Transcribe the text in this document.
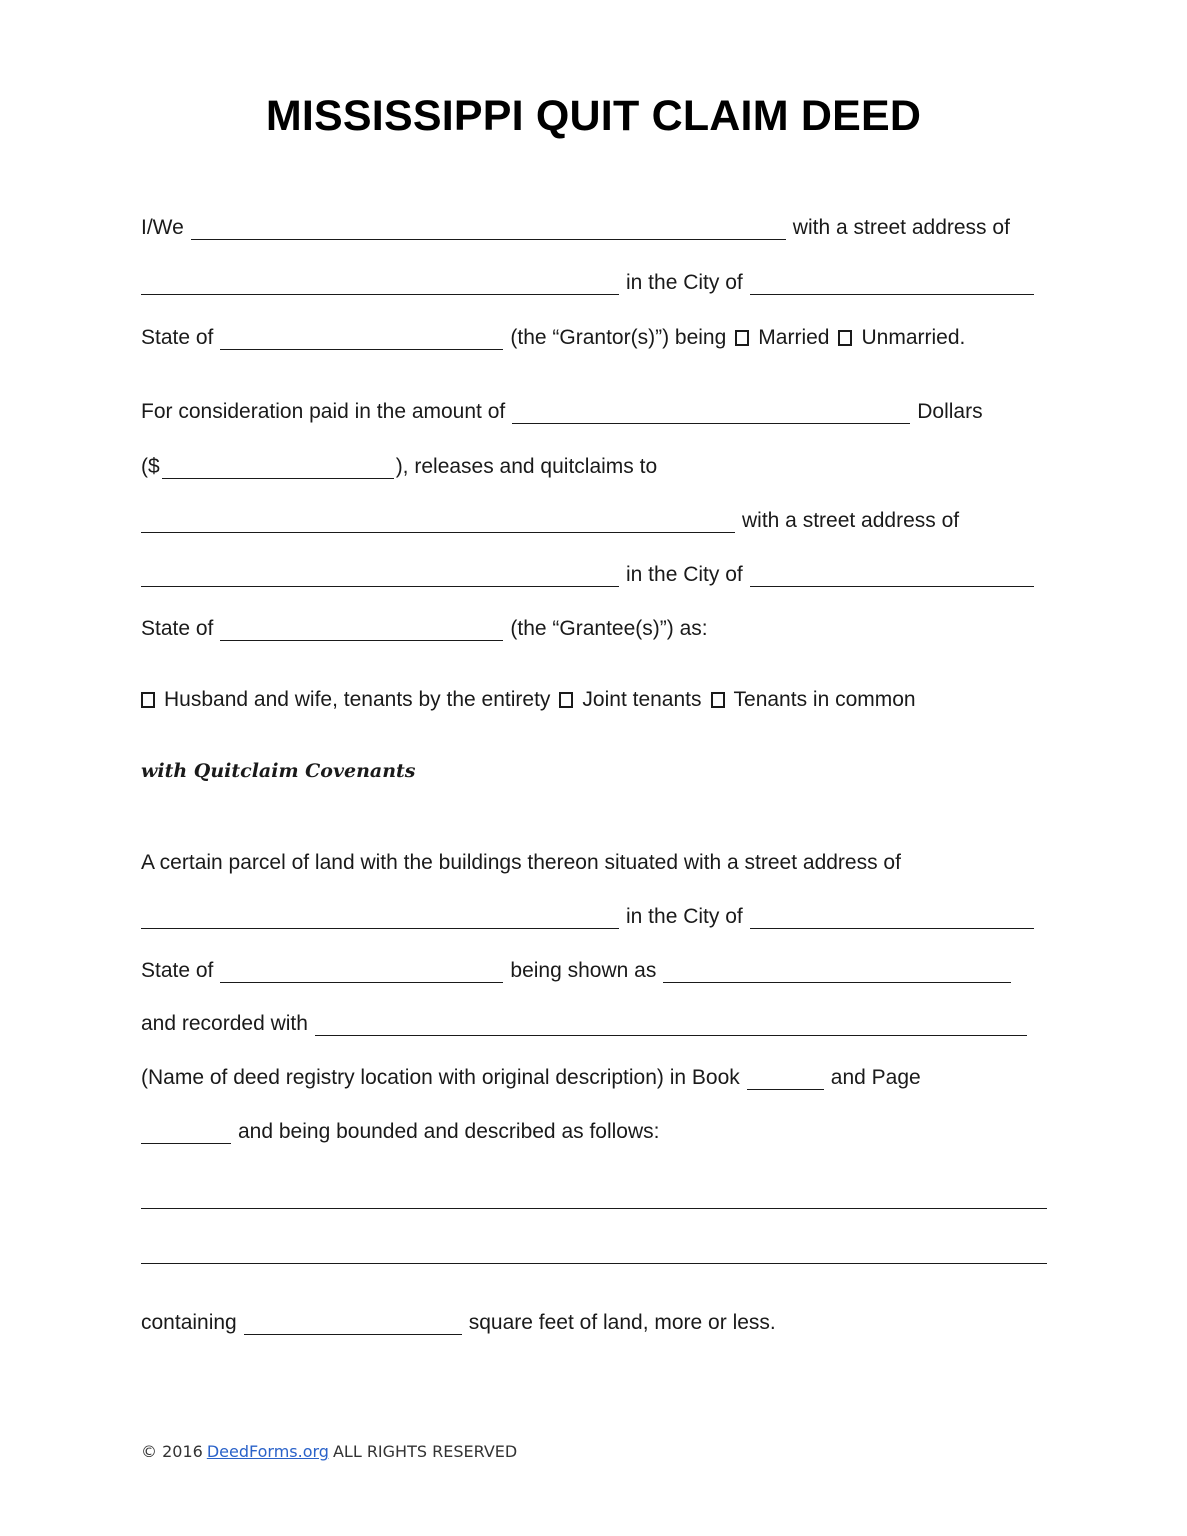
MISSISSIPPI QUIT CLAIM DEED
I/We	with a street address of
in the City of
State of	(the “Grantor(s)”) being Married Unmarried.
For consideration paid in the amount of	Dollars
($	), releases and quitclaims to
with a street address of
in the City of
State of	(the “Grantee(s)”) as:
Husband and wife, tenants by the entirety Joint tenants Tenants in common
with Quitclaim Covenants
A certain parcel of land with the buildings thereon situated with a street address of
in the City of
State of	being shown as
and recorded with
(Name of deed registry location with original description) in Book	and Page
and being bounded and described as follows:
containing	square feet of land, more or less.
© 2016 DeedForms.org ALL RIGHTS RESERVED
